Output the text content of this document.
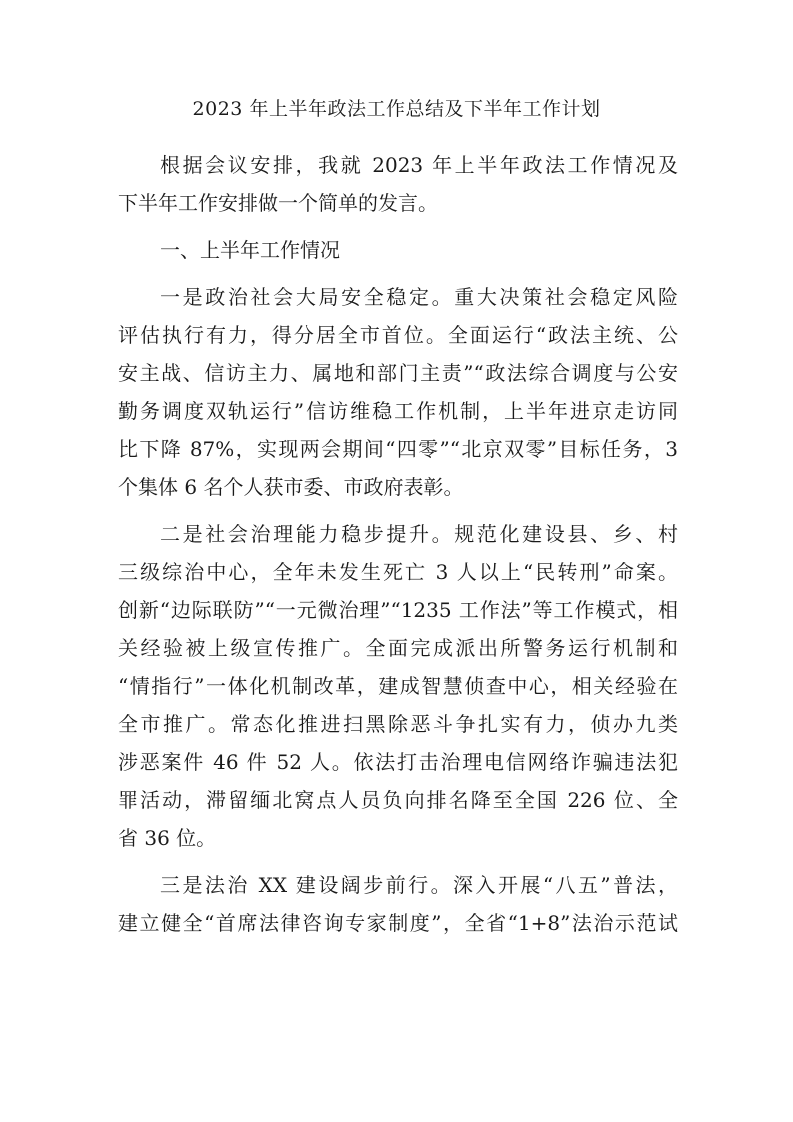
2023 年上半年政法工作总结及下半年工作计划
根据会议安排，我就 2023 年上半年政法工作情况及
下半年工作安排做一个简单的发言。
一、上半年工作情况
一是政治社会大局安全稳定。重大决策社会稳定风险
评估执行有力，得分居全市首位。全面运行“政法主统、公
安主战、信访主力、属地和部门主责”“政法综合调度与公安
勤务调度双轨运行”信访维稳工作机制，上半年进京走访同
比下降 87%，实现两会期间“四零”“北京双零”目标任务，3
个集体 6 名个人获市委、市政府表彰。
二是社会治理能力稳步提升。规范化建设县、乡、村
三级综治中心，全年未发生死亡 3 人以上“民转刑”命案。
创新“边际联防”“一元微治理”“1235 工作法”等工作模式，相
关经验被上级宣传推广。全面完成派出所警务运行机制和
“情指行”一体化机制改革，建成智慧侦查中心，相关经验在
全市推广。常态化推进扫黑除恶斗争扎实有力，侦办九类
涉恶案件 46 件 52 人。依法打击治理电信网络诈骗违法犯
罪活动，滞留缅北窝点人员负向排名降至全国 226 位、全
省 36 位。
三是法治 XX 建设阔步前行。深入开展“八五”普法，
建立健全“首席法律咨询专家制度”，全省“1+8”法治示范试
